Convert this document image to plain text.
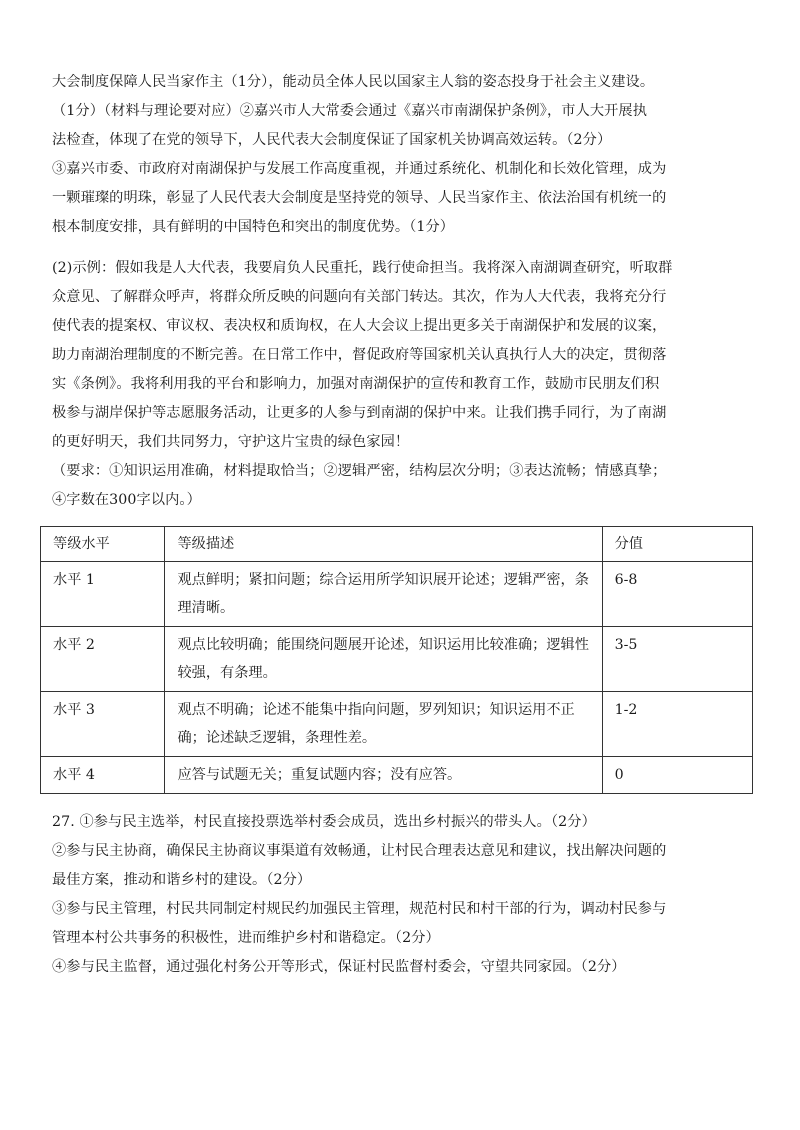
大会制度保障人民当家作主（1分），能动员全体人民以国家主人翁的姿态投身于社会主义建设。
（1分）（材料与理论要对应）②嘉兴市人大常委会通过《嘉兴市南湖保护条例》，市人大开展执
法检查，体现了在党的领导下，人民代表大会制度保证了国家机关协调高效运转。（2分）
③嘉兴市委、市政府对南湖保护与发展工作高度重视，并通过系统化、机制化和长效化管理，成为
一颗璀璨的明珠，彰显了人民代表大会制度是坚持党的领导、人民当家作主、依法治国有机统一的
根本制度安排，具有鲜明的中国特色和突出的制度优势。（1分）
(2)示例：假如我是人大代表，我要肩负人民重托，践行使命担当。我将深入南湖调查研究，听取群
众意见、了解群众呼声，将群众所反映的问题向有关部门转达。其次，作为人大代表，我将充分行
使代表的提案权、审议权、表决权和质询权，在人大会议上提出更多关于南湖保护和发展的议案，
助力南湖治理制度的不断完善。在日常工作中，督促政府等国家机关认真执行人大的决定，贯彻落
实《条例》。我将利用我的平台和影响力，加强对南湖保护的宣传和教育工作，鼓励市民朋友们积
极参与湖岸保护等志愿服务活动，让更多的人参与到南湖的保护中来。让我们携手同行，为了南湖
的更好明天，我们共同努力，守护这片宝贵的绿色家园！
（要求：①知识运用准确，材料提取恰当；②逻辑严密，结构层次分明；③表达流畅；情感真挚；
④字数在300字以内。）
等级水平	等级描述	分值
水平 1	观点鲜明；紧扣问题；综合运用所学知识展开论述；逻辑严密，条理清晰。	6-8
水平 2	观点比较明确；能围绕问题展开论述，知识运用比较准确；逻辑性较强，有条理。	3-5
水平 3	观点不明确；论述不能集中指向问题，罗列知识；知识运用不正确；论述缺乏逻辑，条理性差。	1-2
水平 4	应答与试题无关；重复试题内容；没有应答。	0
27. ①参与民主选举，村民直接投票选举村委会成员，选出乡村振兴的带头人。（2分）
②参与民主协商，确保民主协商议事渠道有效畅通，让村民合理表达意见和建议，找出解决问题的
最佳方案，推动和谐乡村的建设。（2分）
③参与民主管理，村民共同制定村规民约加强民主管理，规范村民和村干部的行为，调动村民参与
管理本村公共事务的积极性，进而维护乡村和谐稳定。（2分）
④参与民主监督，通过强化村务公开等形式，保证村民监督村委会，守望共同家园。（2分）
